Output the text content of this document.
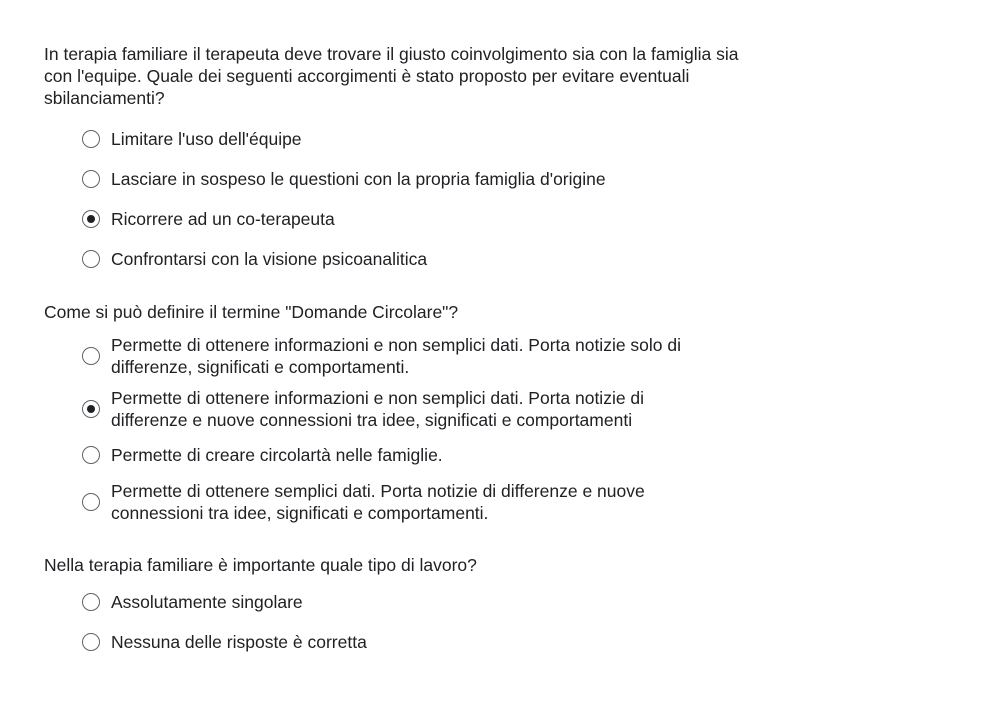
In terapia familiare il terapeuta deve trovare il giusto coinvolgimento sia con la famiglia sia con l'equipe. Quale dei seguenti accorgimenti è stato proposto per evitare eventuali sbilanciamenti?

Limitare l'uso dell'équipe
Lasciare in sospeso le questioni con la propria famiglia d'origine
Ricorrere ad un co-terapeuta
Confrontarsi con la visione psicoanalitica

Come si può definire il termine "Domande Circolare"?

Permette di ottenere informazioni e non semplici dati. Porta notizie solo di differenze, significati e comportamenti.
Permette di ottenere informazioni e non semplici dati. Porta notizie di differenze e nuove connessioni tra idee, significati e comportamenti
Permette di creare circolartà nelle famiglie.
Permette di ottenere semplici dati. Porta notizie di differenze e nuove connessioni tra idee, significati e comportamenti.

Nella terapia familiare è importante quale tipo di lavoro?

Assolutamente singolare
Nessuna delle risposte è corretta
